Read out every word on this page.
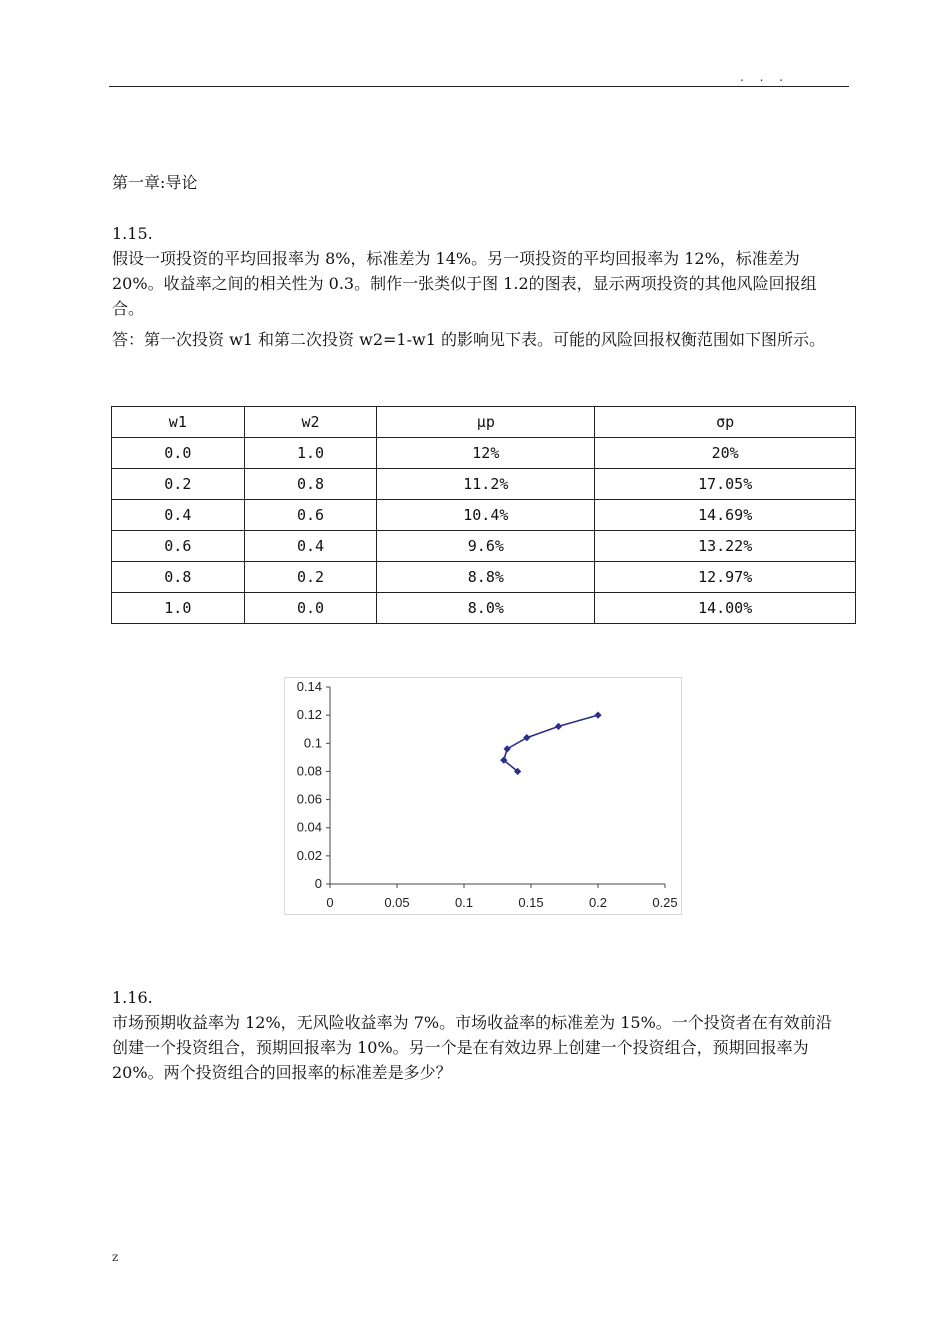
. . .
第一章:导论
1.15.
假设一项投资的平均回报率为 8%，标准差为 14%。另一项投资的平均回报率为 12%，标准差为 20%。收益率之间的相关性为 0.3。制作一张类似于图 1.2的图表，显示两项投资的其他风险回报组合。
答：第一次投资 w1 和第二次投资 w2=1-w1 的影响见下表。可能的风险回报权衡范围如下图所示。
w1	w2	μp	σp
0.0	1.0	12%	20%
0.2	0.8	11.2%	17.05%
0.4	0.6	10.4%	14.69%
0.6	0.4	9.6%	13.22%
0.8	0.2	8.8%	12.97%
1.0	0.0	8.0%	14.00%
0
0.02
0.04
0.06
0.08
0.1
0.12
0.14
0	0.05	0.1	0.15	0.2	0.25
1.16.
市场预期收益率为 12%，无风险收益率为 7%。市场收益率的标准差为 15%。一个投资者在有效前沿创建一个投资组合，预期回报率为 10%。另一个是在有效边界上创建一个投资组合，预期回报率为 20%。两个投资组合的回报率的标准差是多少？
z
